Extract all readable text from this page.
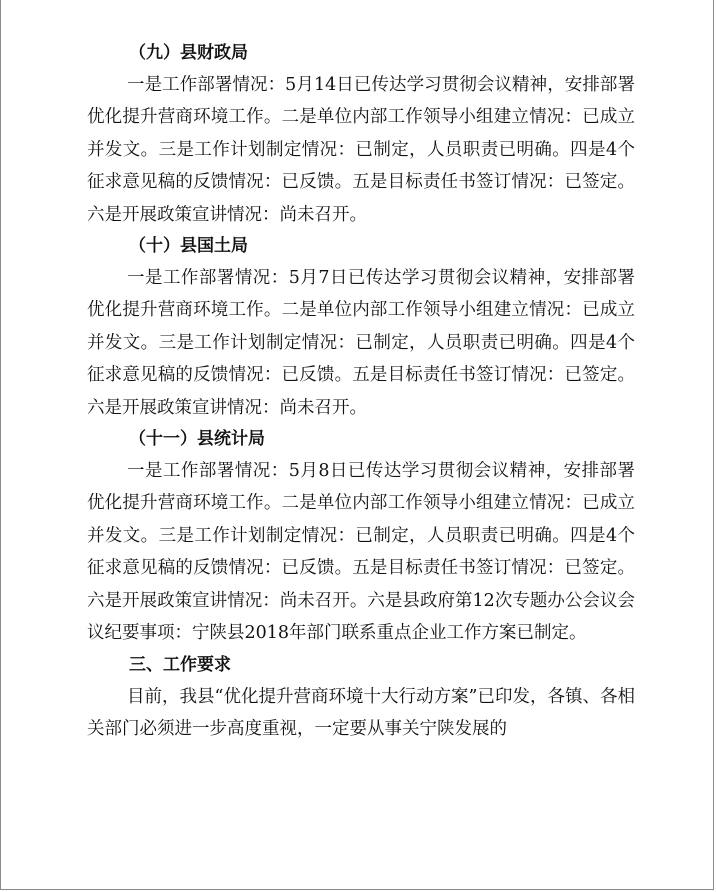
（九）县财政局

一是工作部署情况：5月14日已传达学习贯彻会议精神，安排部署优化提升营商环境工作。二是单位内部工作领导小组建立情况：已成立并发文。三是工作计划制定情况：已制定，人员职责已明确。四是4个征求意见稿的反馈情况：已反馈。五是目标责任书签订情况：已签定。六是开展政策宣讲情况：尚未召开。

（十）县国土局

一是工作部署情况：5月7日已传达学习贯彻会议精神，安排部署优化提升营商环境工作。二是单位内部工作领导小组建立情况：已成立并发文。三是工作计划制定情况：已制定，人员职责已明确。四是4个征求意见稿的反馈情况：已反馈。五是目标责任书签订情况：已签定。六是开展政策宣讲情况：尚未召开。

（十一）县统计局

一是工作部署情况：5月8日已传达学习贯彻会议精神，安排部署优化提升营商环境工作。二是单位内部工作领导小组建立情况：已成立并发文。三是工作计划制定情况：已制定，人员职责已明确。四是4个征求意见稿的反馈情况：已反馈。五是目标责任书签订情况：已签定。六是开展政策宣讲情况：尚未召开。六是县政府第12次专题办公会议会议纪要事项：宁陕县2018年部门联系重点企业工作方案已制定。

三、工作要求

目前，我县“优化提升营商环境十大行动方案”已印发，各镇、各相关部门必须进一步高度重视，一定要从事关宁陕发展的
